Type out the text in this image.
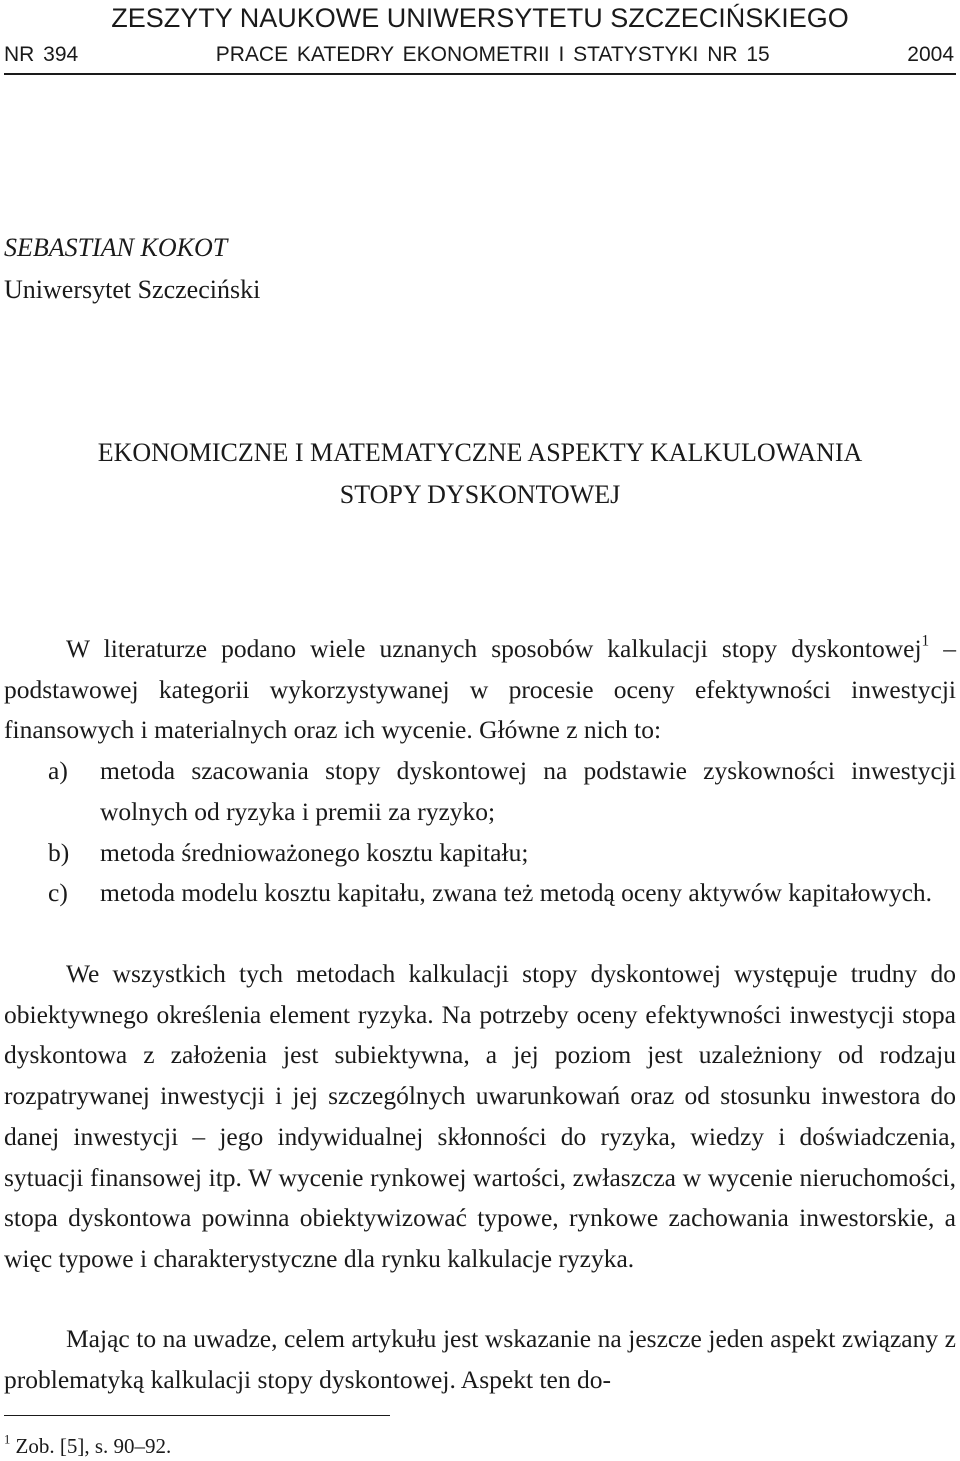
ZESZYTY NAUKOWE UNIWERSYTETU SZCZECIŃSKIEGO
NR 394	PRACE KATEDRY EKONOMETRII I STATYSTYKI NR 15	2004
SEBASTIAN KOKOT
Uniwersytet Szczeciński
EKONOMICZNE I MATEMATYCZNE ASPEKTY KALKULOWANIA
STOPY DYSKONTOWEJ

W literaturze podano wiele uznanych sposobów kalkulacji stopy dyskontowej$^1$ – podstawowej kategorii wykorzystywanej w procesie oceny efektywności inwestycji finansowych i materialnych oraz ich wycenie. Główne z nich to:

a) metoda szacowania stopy dyskontowej na podstawie zyskowności inwestycji wolnych od ryzyka i premii za ryzyko;
b) metoda średnioważonego kosztu kapitału;
c) metoda modelu kosztu kapitału, zwana też metodą oceny aktywów kapitałowych.

We wszystkich tych metodach kalkulacji stopy dyskontowej występuje trudny do obiektywnego określenia element ryzyka. Na potrzeby oceny efektywności inwestycji stopa dyskontowa z założenia jest subiektywna, a jej poziom jest uzależniony od rodzaju rozpatrywanej inwestycji i jej szczególnych uwarunkowań oraz od stosunku inwestora do danej inwestycji – jego indywidualnej skłonności do ryzyka, wiedzy i doświadczenia, sytuacji finansowej itp. W wycenie rynkowej wartości, zwłaszcza w wycenie nieruchomości, stopa dyskontowa powinna obiektywizować typowe, rynkowe zachowania inwestorskie, a więc typowe i charakterystyczne dla rynku kalkulacje ryzyka.

Mając to na uwadze, celem artykułu jest wskazanie na jeszcze jeden aspekt związany z problematyką kalkulacji stopy dyskontowej. Aspekt ten do-

$^1$ Zob. [5], s. 90–92.
